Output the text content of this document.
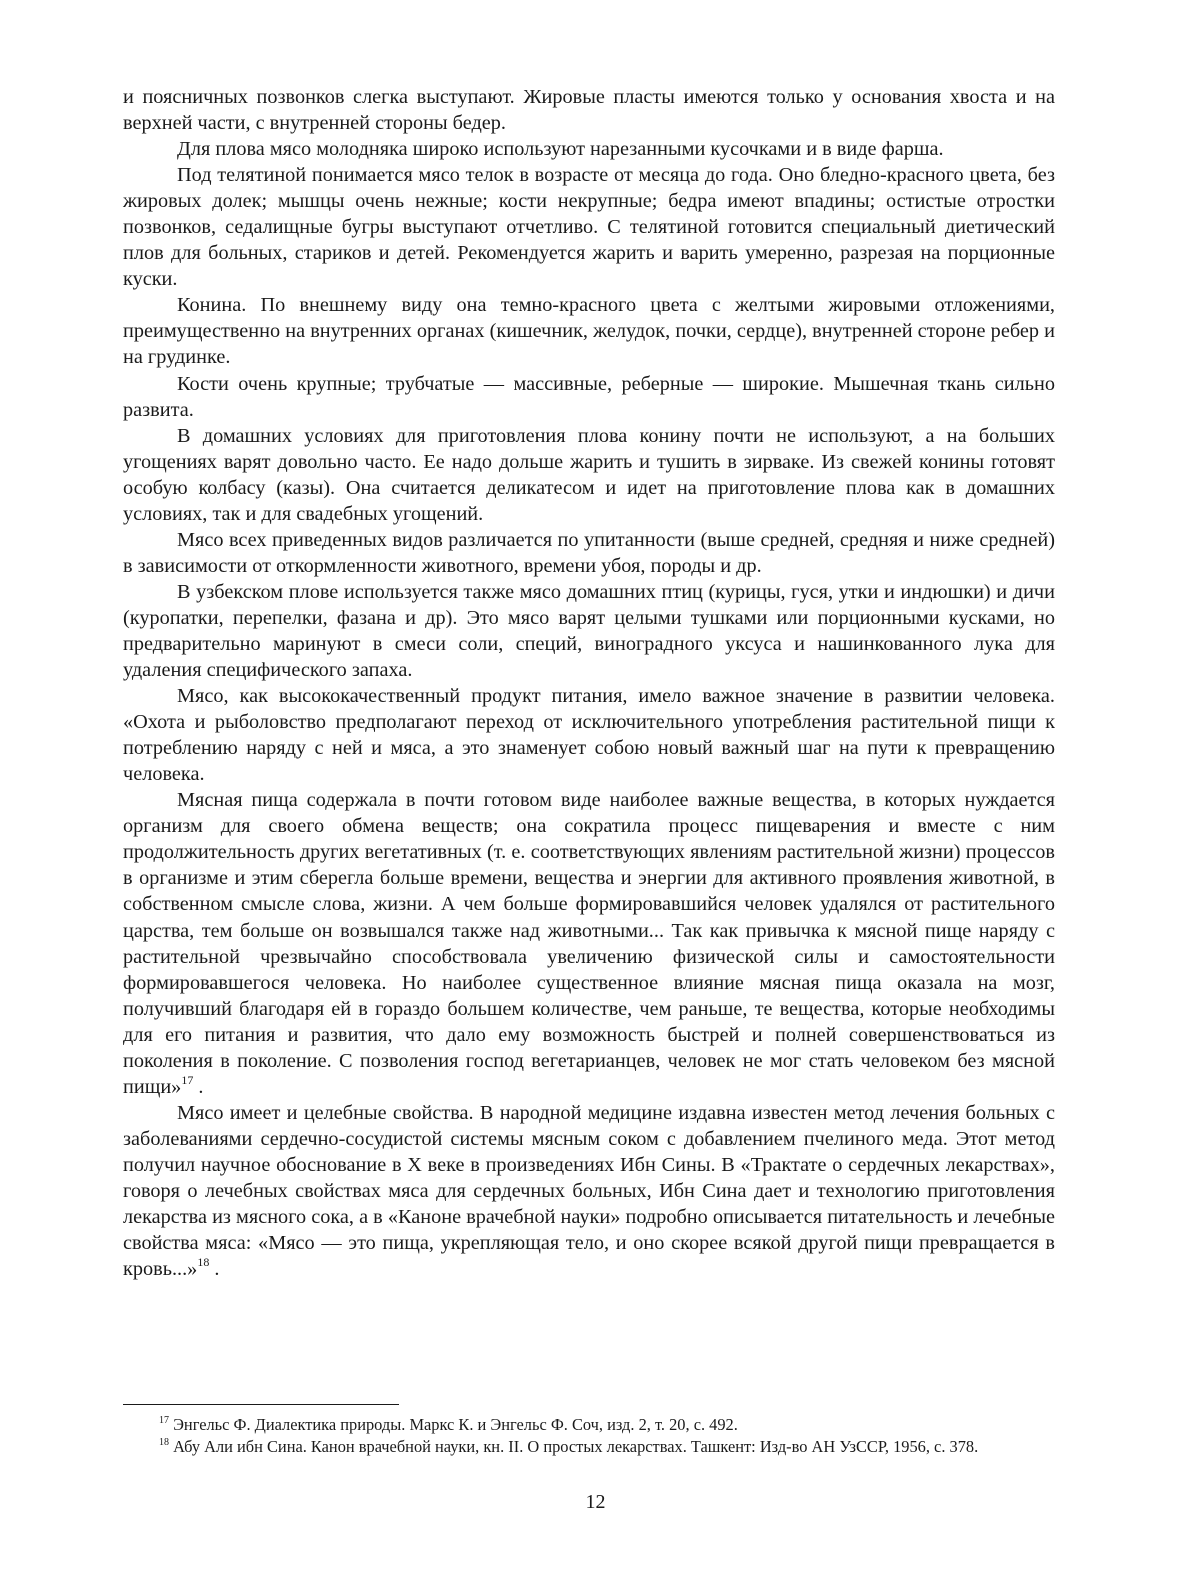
и поясничных позвонков слегка выступают. Жировые пласты имеются только у основания хвоста и на верхней части, с внутренней стороны бедер.

Для плова мясо молодняка широко используют нарезанными кусочками и в виде фарша.

Под телятиной понимается мясо телок в возрасте от месяца до года. Оно бледно-красного цвета, без жировых долек; мышцы очень нежные; кости некрупные; бедра имеют впадины; остистые отростки позвонков, седалищные бугры выступают отчетливо. С телятиной готовится специальный диетический плов для больных, стариков и детей. Рекомендуется жарить и варить умеренно, разрезая на порционные куски.

Конина. По внешнему виду она темно-красного цвета с желтыми жировыми отложениями, преимущественно на внутренних органах (кишечник, желудок, почки, сердце), внутренней стороне ребер и на грудинке.

Кости очень крупные; трубчатые — массивные, реберные — широкие. Мышечная ткань сильно развита.

В домашних условиях для приготовления плова конину почти не используют, а на больших угощениях варят довольно часто. Ее надо дольше жарить и тушить в зирваке. Из свежей конины готовят особую колбасу (казы). Она считается деликатесом и идет на приготовление плова как в домашних условиях, так и для свадебных угощений.

Мясо всех приведенных видов различается по упитанности (выше средней, средняя и ниже средней) в зависимости от откормленности животного, времени убоя, породы и др.

В узбекском плове используется также мясо домашних птиц (курицы, гуся, утки и индюшки) и дичи (куропатки, перепелки, фазана и др). Это мясо варят целыми тушками или порционными кусками, но предварительно маринуют в смеси соли, специй, виноградного уксуса и нашинкованного лука для удаления специфического запаха.

Мясо, как высококачественный продукт питания, имело важное значение в развитии человека. «Охота и рыболовство предполагают переход от исключительного употребления растительной пищи к потреблению наряду с ней и мяса, а это знаменует собою новый важный шаг на пути к превращению человека.

Мясная пища содержала в почти готовом виде наиболее важные вещества, в которых нуждается организм для своего обмена веществ; она сократила процесс пищеварения и вместе с ним продолжительность других вегетативных (т. е. соответствующих явлениям растительной жизни) процессов в организме и этим сберегла больше времени, вещества и энергии для активного проявления животной, в собственном смысле слова, жизни. А чем больше формировавшийся человек удалялся от растительного царства, тем больше он возвышался также над животными... Так как привычка к мясной пище наряду с растительной чрезвычайно способствовала увеличению физической силы и самостоятельности формировавшегося человека. Но наиболее существенное влияние мясная пища оказала на мозг, получивший благодаря ей в гораздо большем количестве, чем раньше, те вещества, которые необходимы для его питания и развития, что дало ему возможность быстрей и полней совершенствоваться из поколения в поколение. С позволения господ вегетарианцев, человек не мог стать человеком без мясной пищи»$^{17}$ .

Мясо имеет и целебные свойства. В народной медицине издавна известен метод лечения больных с заболеваниями сердечно-сосудистой системы мясным соком с добавлением пчелиного меда. Этот метод получил научное обоснование в X веке в произведениях Ибн Сины. В «Трактате о сердечных лекарствах», говоря о лечебных свойствах мяса для сердечных больных, Ибн Сина дает и технологию приготовления лекарства из мясного сока, а в «Каноне врачебной науки» подробно описывается питательность и лечебные свойства мяса: «Мясо — это пища, укрепляющая тело, и оно скорее всякой другой пищи превращается в кровь...»$^{18}$ .

$^{17}$ Энгельс Ф. Диалектика природы. Маркс К. и Энгельс Ф. Соч, изд. 2, т. 20, с. 492.

$^{18}$ Абу Али ибн Сина. Канон врачебной науки, кн. II. О простых лекарствах. Ташкент: Изд-во АН УзССР, 1956, с. 378.

12
